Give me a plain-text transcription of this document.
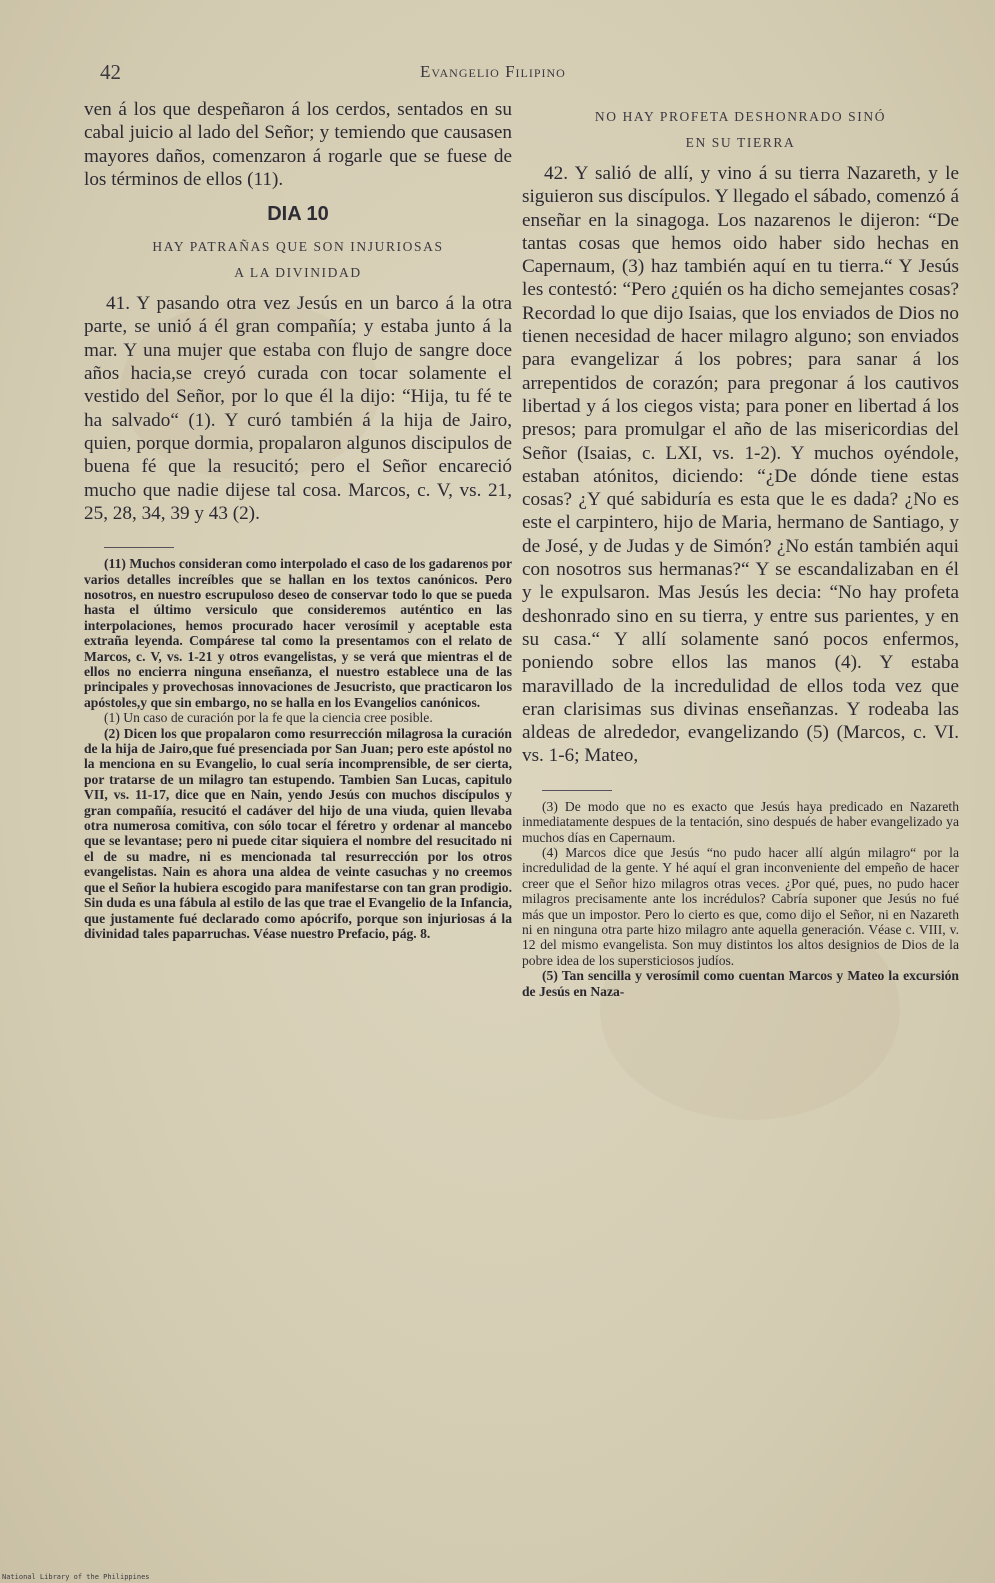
42	Evangelio Filipino

ven á los que despeñaron á los cerdos, sentados en su cabal juicio al lado del Señor; y temiendo que causasen mayores daños, comenzaron á rogarle que se fuese de los términos de ellos (11).

DIA 10
HAY PATRAÑAS QUE SON INJURIOSAS
A LA DIVINIDAD

41. Y pasando otra vez Jesús en un barco á la otra parte, se unió á él gran compañía; y estaba junto á la mar. Y una mujer que estaba con flujo de sangre doce años hacia,se creyó curada con tocar solamente el vestido del Señor, por lo que él la dijo: “Hija, tu fé te ha salvado“ (1). Y curó también á la hija de Jairo, quien, porque dormia, propalaron algunos discipulos de buena fé que la resucitó; pero el Señor encareció mucho que nadie dijese tal cosa. Marcos, c. V, vs. 21, 25, 28, 34, 39 y 43 (2).

(11) Muchos consideran como interpolado el caso de los gadarenos por varios detalles increíbles que se hallan en los textos canónicos. Pero nosotros, en nuestro escrupuloso deseo de conservar todo lo que se pueda hasta el último versiculo que consideremos auténtico en las interpolaciones, hemos procurado hacer verosímil y aceptable esta extraña leyenda. Compárese tal como la presentamos con el relato de Marcos, c. V, vs. 1-21 y otros evangelistas, y se verá que mientras el de ellos no encierra ninguna enseñanza, el nuestro establece una de las principales y provechosas innovaciones de Jesucristo, que practicaron los apóstoles,y que sin embargo, no se halla en los Evangelios canónicos.

(1) Un caso de curación por la fe que la ciencia cree posible.

(2) Dicen los que propalaron como resurrección milagrosa la curación de la hija de Jairo,que fué presenciada por San Juan; pero este apóstol no la menciona en su Evangelio, lo cual sería incomprensible, de ser cierta, por tratarse de un milagro tan estupendo. Tambien San Lucas, capitulo VII, vs. 11-17, dice que en Nain, yendo Jesús con muchos discípulos y gran compañía, resucitó el cadáver del hijo de una viuda, quien llevaba otra numerosa comitiva, con sólo tocar el féretro y ordenar al mancebo que se levantase; pero ni puede citar siquiera el nombre del resucitado ni el de su madre, ni es mencionada tal resurrección por los otros evangelistas. Nain es ahora una aldea de veinte casuchas y no creemos que el Señor la hubiera escogido para manifestarse con tan gran prodigio. Sin duda es una fábula al estilo de las que trae el Evangelio de la Infancia, que justamente fué declarado como apócrifo, porque son injuriosas á la divinidad tales paparruchas. Véase nuestro Prefacio, pág. 8.

NO HAY PROFETA DESHONRADO SINÓ
EN SU TIERRA

42. Y salió de allí, y vino á su tierra Nazareth, y le siguieron sus discípulos. Y llegado el sábado, comenzó á enseñar en la sinagoga. Los nazarenos le dijeron: “De tantas cosas que hemos oido haber sido hechas en Capernaum, (3) haz también aquí en tu tierra.“ Y Jesús les contestó: “Pero ¿quién os ha dicho semejantes cosas? Recordad lo que dijo Isaias, que los enviados de Dios no tienen necesidad de hacer milagro alguno; son enviados para evangelizar á los pobres; para sanar á los arrepentidos de corazón; para pregonar á los cautivos libertad y á los ciegos vista; para poner en libertad á los presos; para promulgar el año de las misericordias del Señor (Isaias, c. LXI, vs. 1-2). Y muchos oyéndole, estaban atónitos, diciendo: “¿De dónde tiene estas cosas? ¿Y qué sabiduría es esta que le es dada? ¿No es este el carpintero, hijo de Maria, hermano de Santiago, y de José, y de Judas y de Simón? ¿No están también aqui con nosotros sus hermanas?“ Y se escandalizaban en él y le expulsaron. Mas Jesús les decia: “No hay profeta deshonrado sino en su tierra, y entre sus parientes, y en su casa.“ Y allí solamente sanó pocos enfermos, poniendo sobre ellos las manos (4). Y estaba maravillado de la incredulidad de ellos toda vez que eran clarisimas sus divinas enseñanzas. Y rodeaba las aldeas de alrededor, evangelizando (5) (Marcos, c. VI. vs. 1-6; Mateo,

(3) De modo que no es exacto que Jesús haya predicado en Nazareth inmediatamente despues de la tentación, sino después de haber evangelizado ya muchos días en Capernaum.

(4) Marcos dice que Jesús “no pudo hacer allí algún milagro“ por la incredulidad de la gente. Y hé aquí el gran inconveniente del empeño de hacer creer que el Señor hizo milagros otras veces. ¿Por qué, pues, no pudo hacer milagros precisamente ante los incrédulos? Cabría suponer que Jesús no fué más que un impostor. Pero lo cierto es que, como dijo el Señor, ni en Nazareth ni en ninguna otra parte hizo milagro ante aquella generación. Véase c. VIII, v. 12 del mismo evangelista. Son muy distintos los altos designios de Dios de la pobre idea de los supersticiosos judíos.

(5) Tan sencilla y verosímil como cuentan Marcos y Mateo la excursión de Jesús en Naza-

National Library of the Philippines
